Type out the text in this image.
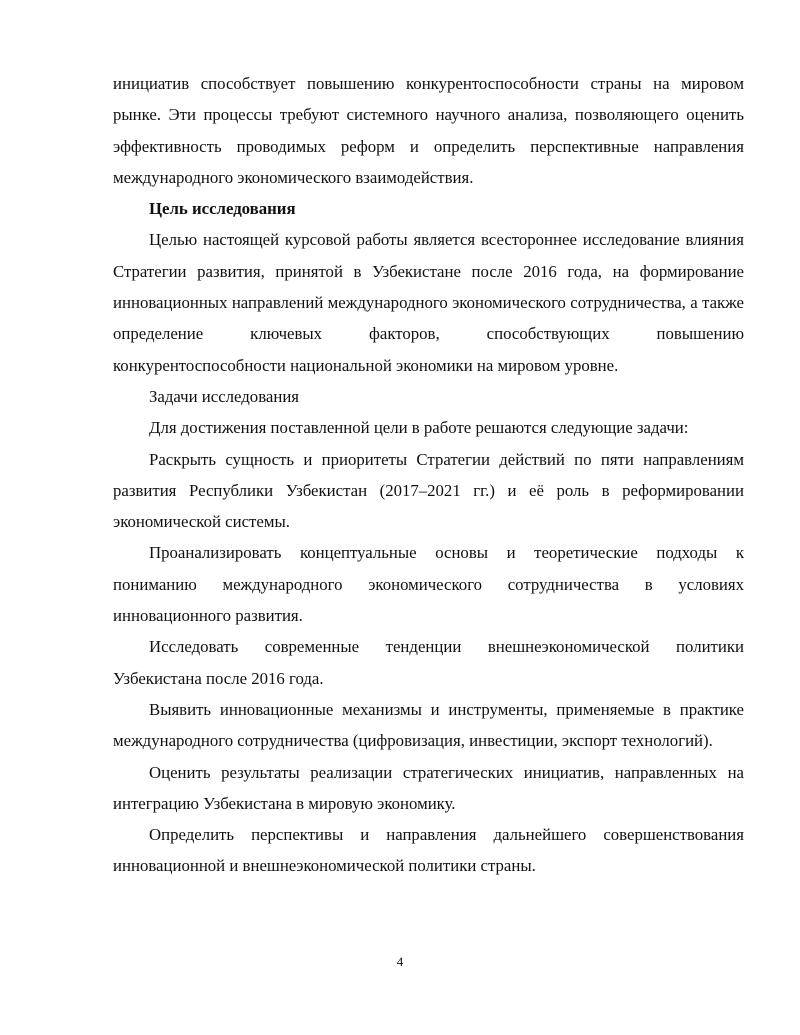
инициатив способствует повышению конкурентоспособности страны на мировом рынке. Эти процессы требуют системного научного анализа, позволяющего оценить эффективность проводимых реформ и определить перспективные направления международного экономического взаимодействия.

Цель исследования

Целью настоящей курсовой работы является всестороннее исследование влияния Стратегии развития, принятой в Узбекистане после 2016 года, на формирование инновационных направлений международного экономического сотрудничества, а также определение ключевых факторов, способствующих повышению конкурентоспособности национальной экономики на мировом уровне.

Задачи исследования

Для достижения поставленной цели в работе решаются следующие задачи:

Раскрыть сущность и приоритеты Стратегии действий по пяти направлениям развития Республики Узбекистан (2017–2021 гг.) и её роль в реформировании экономической системы.

Проанализировать концептуальные основы и теоретические подходы к пониманию международного экономического сотрудничества в условиях инновационного развития.

Исследовать современные тенденции внешнеэкономической политики Узбекистана после 2016 года.

Выявить инновационные механизмы и инструменты, применяемые в практике международного сотрудничества (цифровизация, инвестиции, экспорт технологий).

Оценить результаты реализации стратегических инициатив, направленных на интеграцию Узбекистана в мировую экономику.

Определить перспективы и направления дальнейшего совершенствования инновационной и внешнеэкономической политики страны.

4
